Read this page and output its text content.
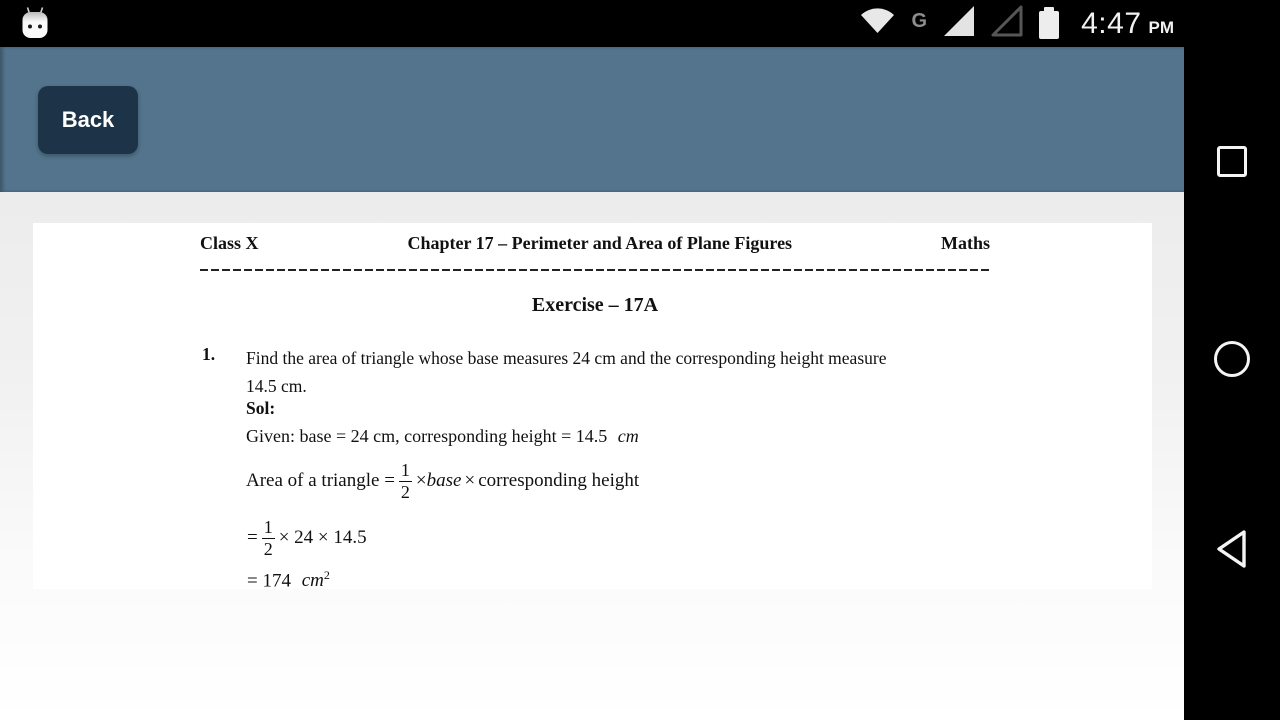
G	4:47 PM
Back
Class X	Chapter 17 – Perimeter and Area of Plane Figures	Maths
Exercise – 17A
1. Find the area of triangle whose base measures 24 cm and the corresponding height measure
14.5 cm.
Sol:
Given: base = 24 cm, corresponding height = 14.5 cm
Area of a triangle = $\frac{1}{2}$ × base × corresponding height
= $\frac{1}{2} \times 24 \times 14.5$
= 174 $cm^2$
